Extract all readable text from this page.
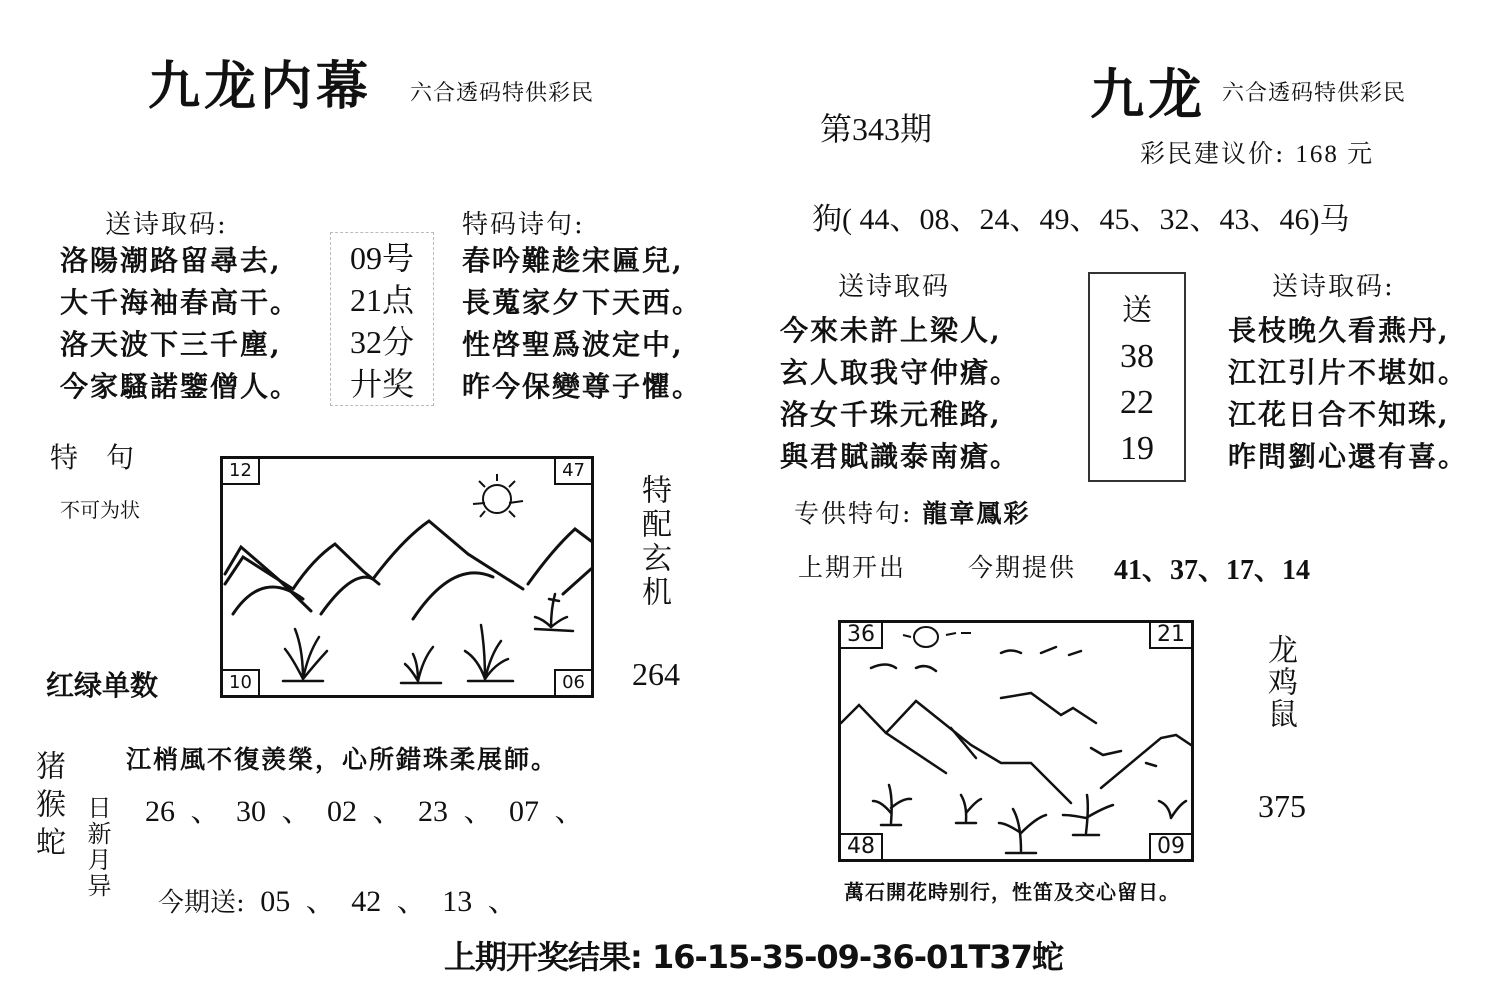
九龙内幕 六合透码特供彩民
送诗取码:
洛陽潮路留尋去,
大千海袖春高干。
洛天波下三千塵,
今家騷諾鑒僧人。
09号
21点
32分
廾奖
特码诗句:
春吟難趁宋匾兒,
長蒐家夕下天西。
性啓聖爲波定中,
昨今保變尊子懼。
特　句
不可为状
12	47
10	06
特配玄机
264
红绿单数
江梢風不復羡榮，心所錯珠柔展師。
猪猴蛇 日新月异 26 、 30 、 02 、 23 、 07 、
今期送: 05 、 42 、 13 、
第343期
九龙 六合透码特供彩民
彩民建议价: 168 元
狗( 44、08、24、49、45、32、43、46)马
送诗取码
今來未許上梁人,
玄人取我守仲瘡。
洛女千珠元稚路,
與君賦識泰南瘡。
送
38
22
19
送诗取码:
長枝晚久看燕丹,
江江引片不堪如。
江花日合不知珠,
昨問劉心還有喜。
专供特句: 龍章鳳彩
上期开出 今期提供 41、37、17、14
36	21
48	09
龙鸡鼠
375
萬石開花時别行，性笛及交心留日。
上期开奖结果: 16-15-35-09-36-01T37蛇
